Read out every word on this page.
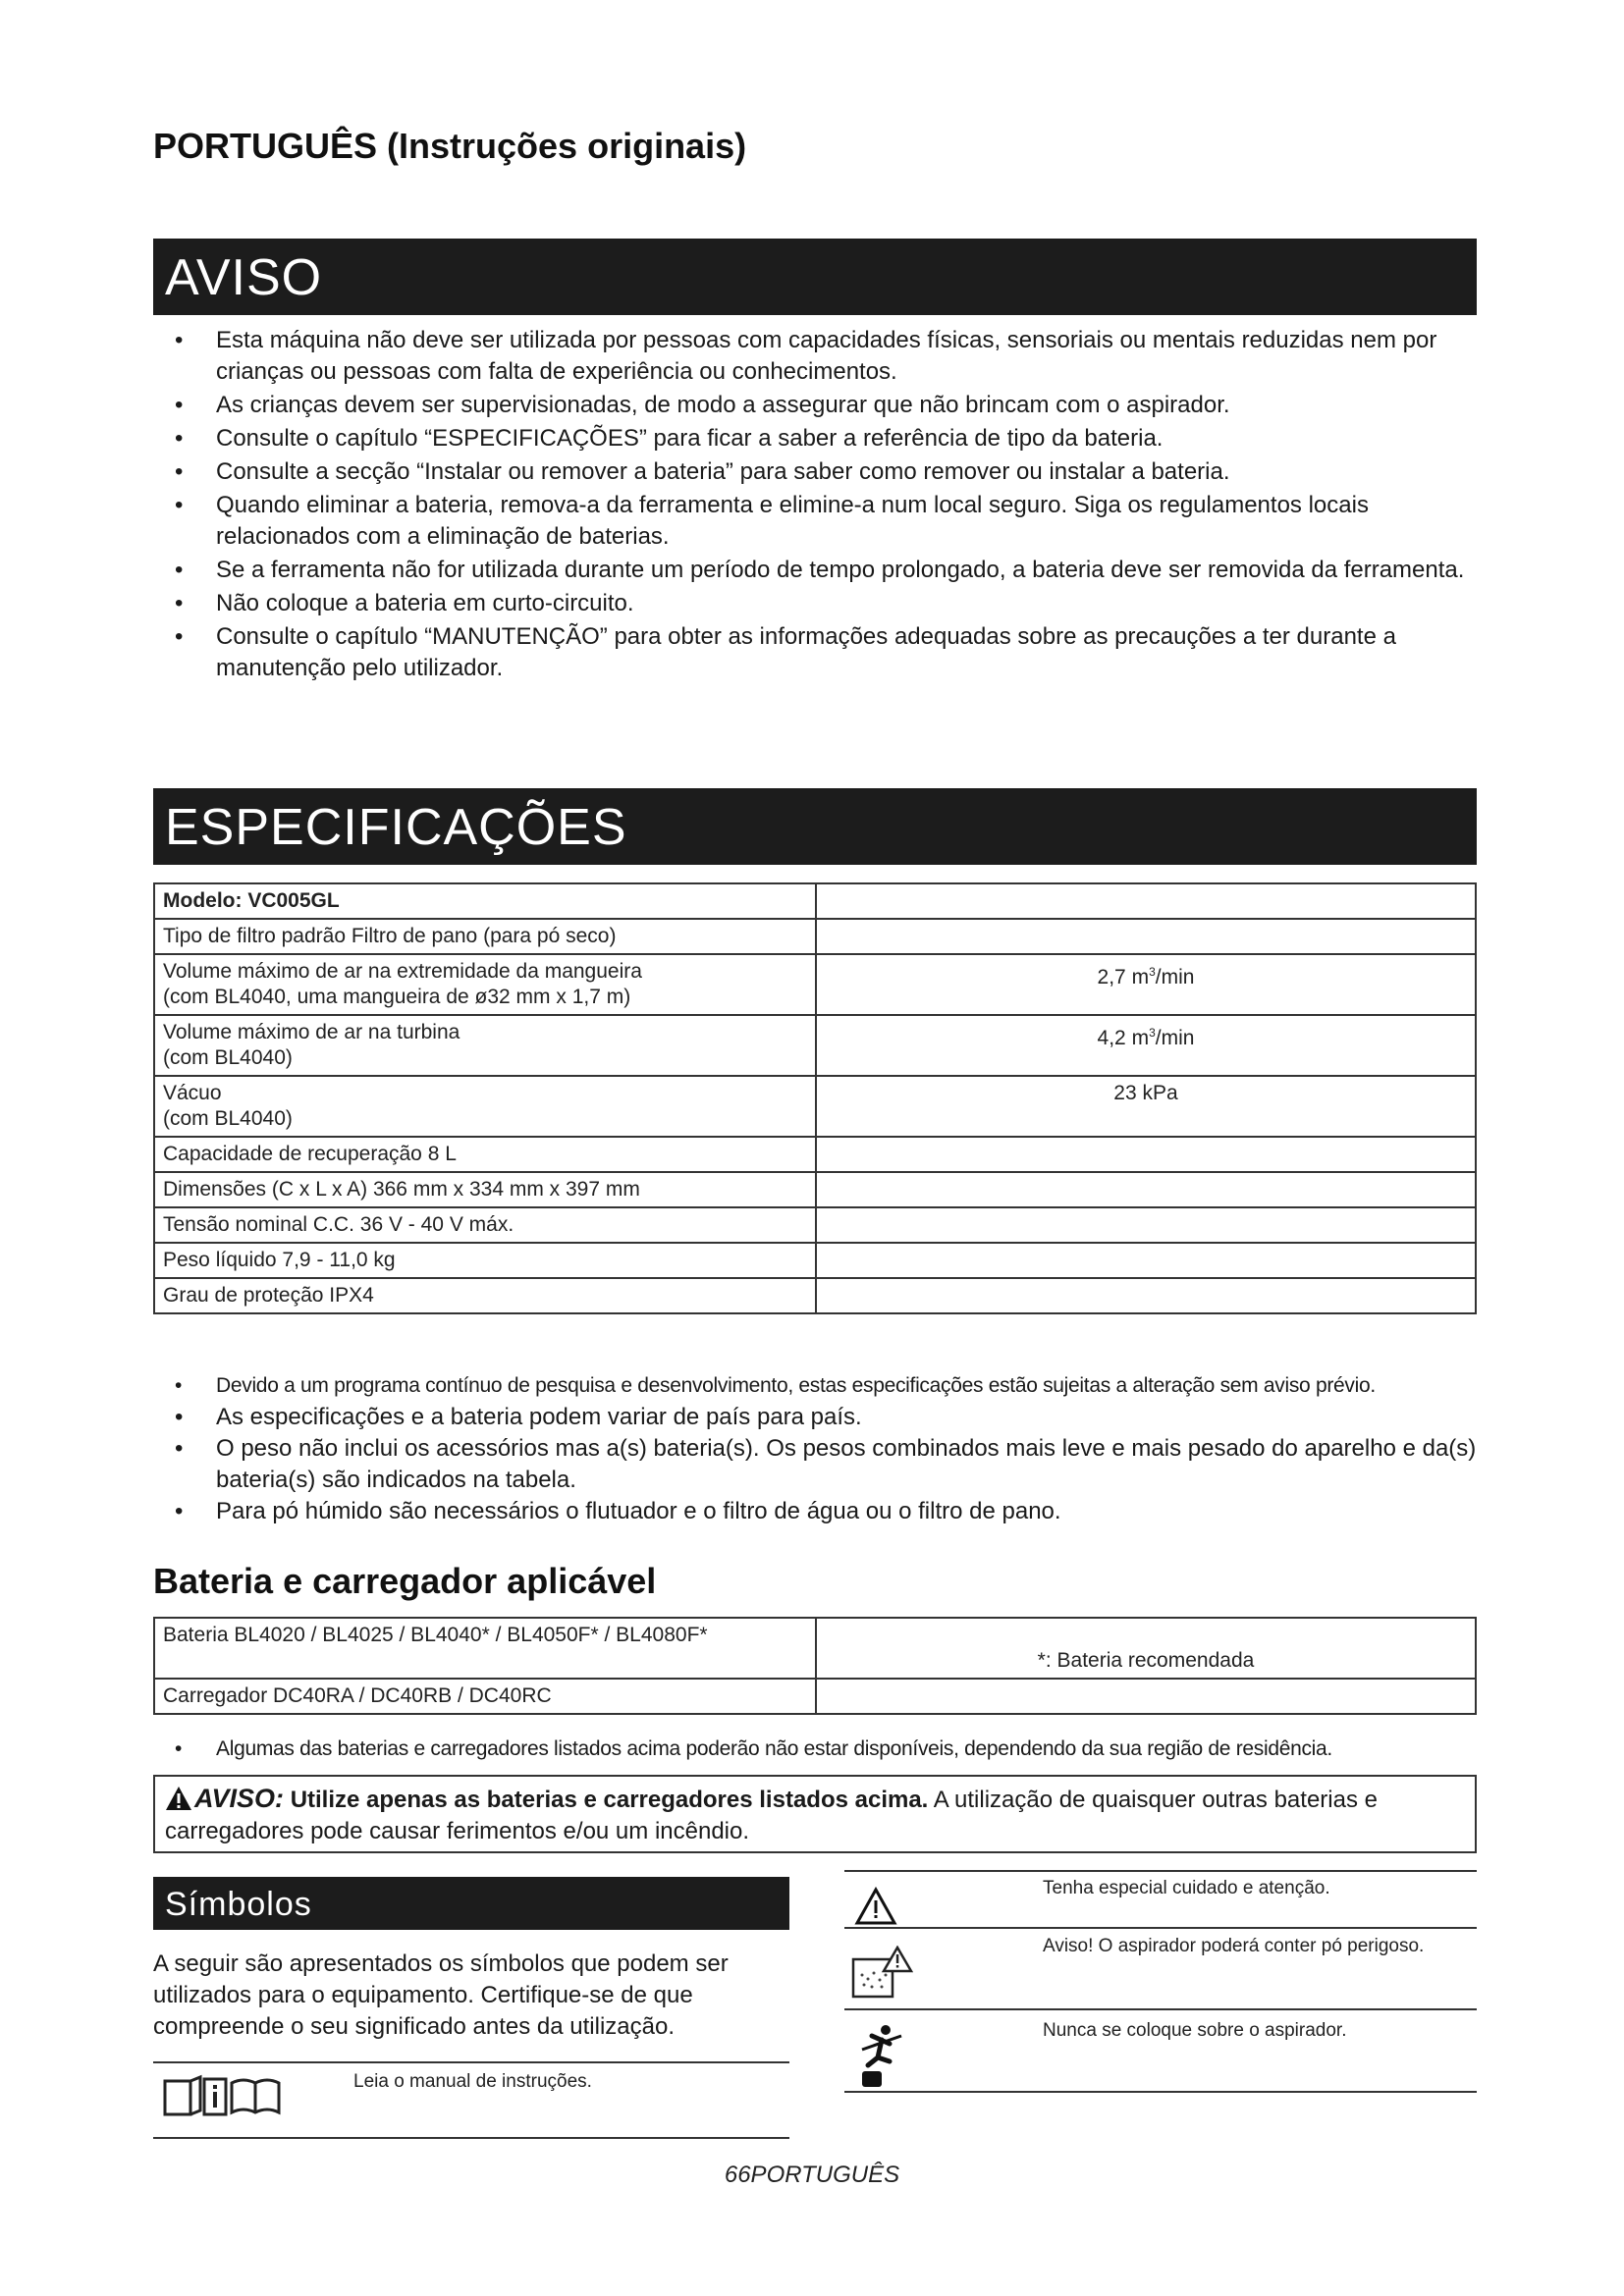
PORTUGUÊS (Instruções originais)
AVISO
• Esta máquina não deve ser utilizada por pessoas com capacidades físicas, sensoriais ou mentais reduzidas nem por crianças ou pessoas com falta de experiência ou conhecimentos.
• As crianças devem ser supervisionadas, de modo a assegurar que não brincam com o aspirador.
• Consulte o capítulo “ESPECIFICAÇÕES” para ficar a saber a referência de tipo da bateria.
• Consulte a secção “Instalar ou remover a bateria” para saber como remover ou instalar a bateria.
• Quando eliminar a bateria, remova-a da ferramenta e elimine-a num local seguro. Siga os regulamentos locais relacionados com a eliminação de baterias.
• Se a ferramenta não for utilizada durante um período de tempo prolongado, a bateria deve ser removida da ferramenta.
• Não coloque a bateria em curto-circuito.
• Consulte o capítulo “MANUTENÇÃO” para obter as informações adequadas sobre as precauções a ter durante a manutenção pelo utilizador.
ESPECIFICAÇÕES
Modelo: VC005GL	
Tipo de filtro padrão Filtro de pano (para pó seco)	

Volume máximo de ar na extremidade da mangueira
(com BL4040, uma mangueira de ø32 mm x 1,7 m)	2,7 $m^3/\min$

Volume máximo de ar na turbina
(com BL4040)	4,2 $m^3/\min$

Vácuo
(com BL4040)	23 kPa
Capacidade de recuperação 8 L	
Dimensões (C x L x A) 366 mm x 334 mm x 397 mm	
Tensão nominal C.C. 36 V - 40 V máx.	
Peso líquido 7,9 - 11,0 kg	
Grau de proteção IPX4	
• Devido a um programa contínuo de pesquisa e desenvolvimento, estas especificações estão sujeitas a alteração sem aviso prévio.
• As especificações e a bateria podem variar de país para país.
• O peso não inclui os acessórios mas a(s) bateria(s). Os pesos combinados mais leve e mais pesado do aparelho e da(s) bateria(s) são indicados na tabela.
• Para pó húmido são necessários o flutuador e o filtro de água ou o filtro de pano.
Bateria e carregador aplicável
Bateria BL4020 / BL4025 / BL4040* / BL4050F* / BL4080F*	*: Bateria recomendada
Carregador DC40RA / DC40RB / DC40RC	
• Algumas das baterias e carregadores listados acima poderão não estar disponíveis, dependendo da sua região de residência.
AVISO: Utilize apenas as baterias e carregadores listados acima. A utilização de quaisquer outras baterias e carregadores pode causar ferimentos e/ou um incêndio.
Símbolos
A seguir são apresentados os símbolos que podem ser utilizados para o equipamento. Certifique-se de que compreende o seu significado antes da utilização.
Leia o manual de instruções.
Tenha especial cuidado e atenção.
Aviso! O aspirador poderá conter pó perigoso.
Nunca se coloque sobre o aspirador.
66PORTUGUÊS
